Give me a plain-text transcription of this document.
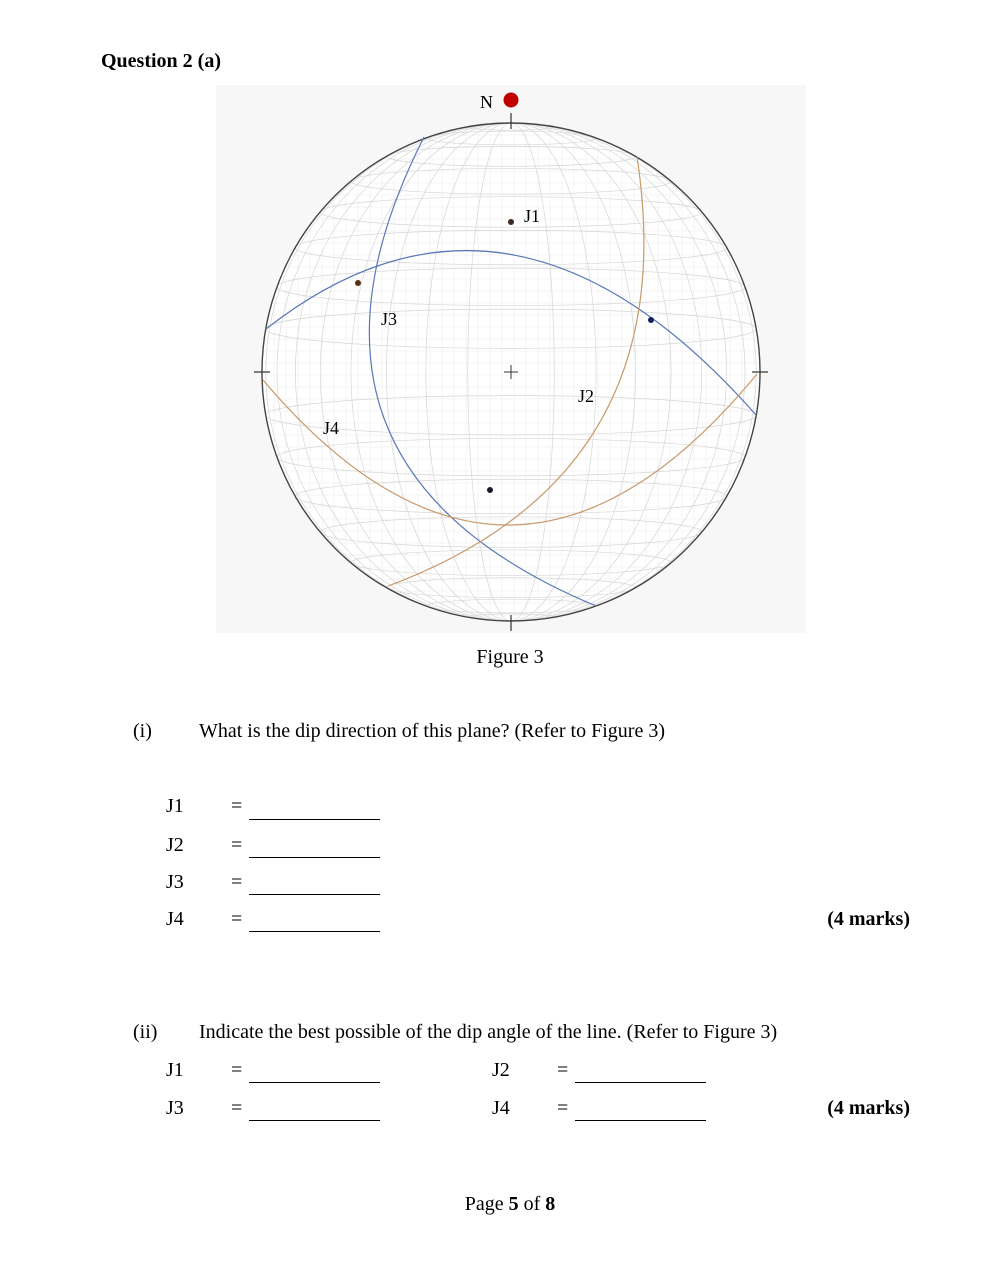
Question 2 (a)
N
J1
J2
J3
J4
Figure 3
(i) What is the dip direction of this plane? (Refer to Figure 3)
J1 =
J2 =
J3 =
J4 =	(4 marks)
(ii) Indicate the best possible of the dip angle of the line. (Refer to Figure 3)
J1 =	J2 =
J3 =	J4 =	(4 marks)
Page 5 of 8
